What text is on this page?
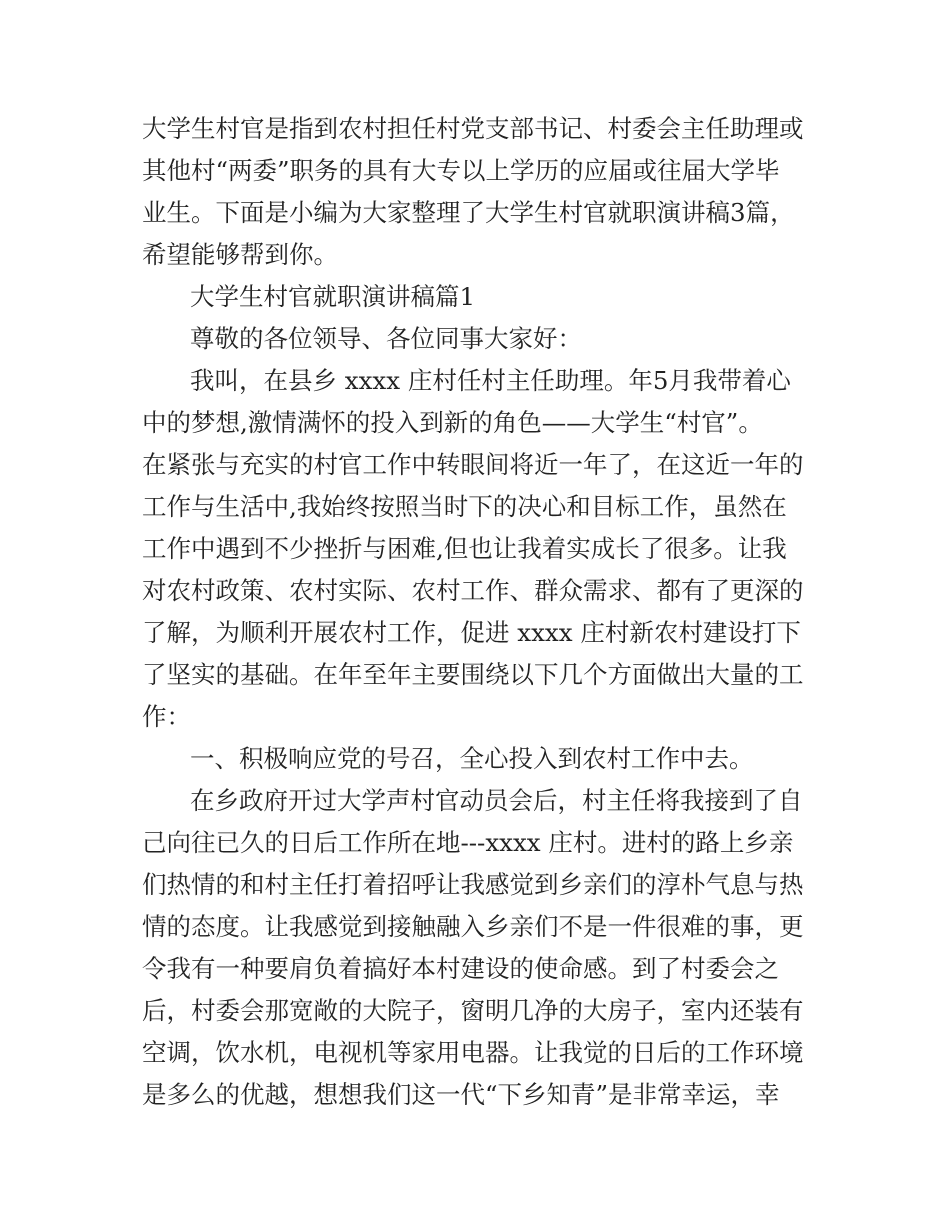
大学生村官是指到农村担任村党支部书记、村委会主任助理或
其他村“两委”职务的具有大专以上学历的应届或往届大学毕
业生。下面是小编为大家整理了大学生村官就职演讲稿3篇，
希望能够帮到你。
大学生村官就职演讲稿篇1
尊敬的各位领导、各位同事大家好：
我叫，在县乡 xxxx 庄村任村主任助理。年5月我带着心
中的梦想,激情满怀的投入到新的角色——大学生“村官”。
在紧张与充实的村官工作中转眼间将近一年了，在这近一年的
工作与生活中,我始终按照当时下的决心和目标工作，虽然在
工作中遇到不少挫折与困难,但也让我着实成长了很多。让我
对农村政策、农村实际、农村工作、群众需求、都有了更深的
了解，为顺利开展农村工作，促进 xxxx 庄村新农村建设打下
了坚实的基础。在年至年主要围绕以下几个方面做出大量的工
作：
一、积极响应党的号召，全心投入到农村工作中去。
在乡政府开过大学声村官动员会后，村主任将我接到了自
己向往已久的日后工作所在地---xxxx 庄村。进村的路上乡亲
们热情的和村主任打着招呼让我感觉到乡亲们的淳朴气息与热
情的态度。让我感觉到接触融入乡亲们不是一件很难的事，更
令我有一种要肩负着搞好本村建设的使命感。到了村委会之
后，村委会那宽敞的大院子，窗明几净的大房子，室内还装有
空调，饮水机，电视机等家用电器。让我觉的日后的工作环境
是多么的优越，想想我们这一代“下乡知青”是非常幸运，幸
